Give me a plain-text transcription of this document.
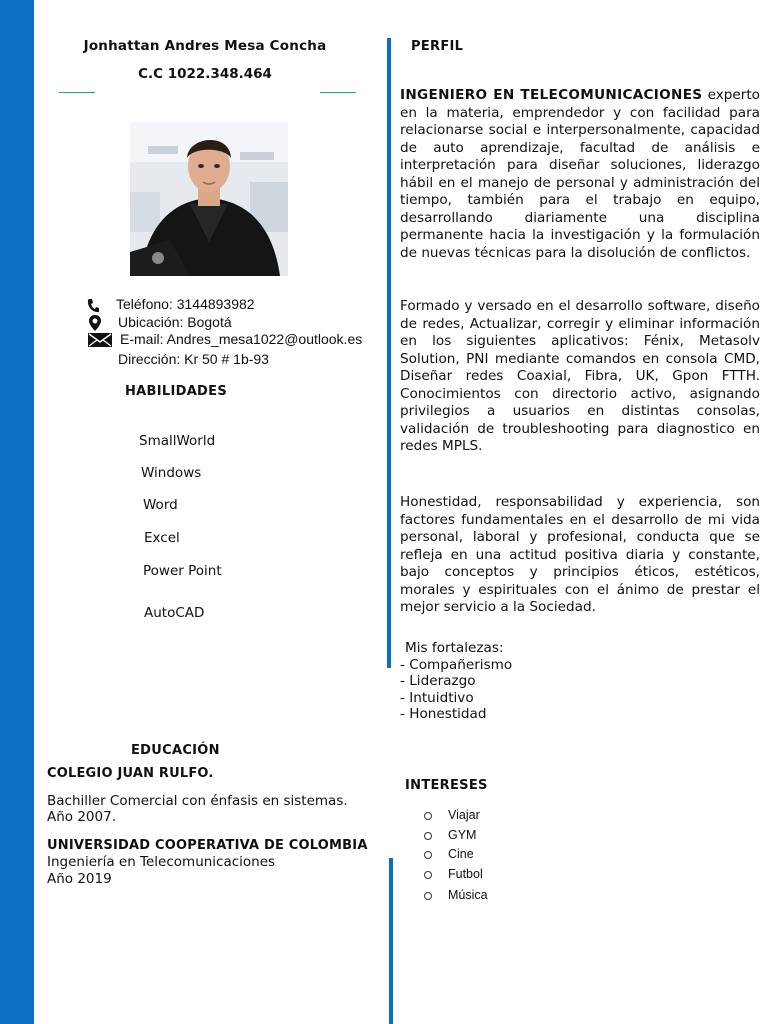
Jonhattan Andres Mesa Concha
C.C 1022.348.464
Teléfono: 3144893982
Ubicación: Bogotá
E-mail: Andres_mesa1022@outlook.es
Dirección: Kr 50 # 1b-93
HABILIDADES
SmallWorld
Windows
Word
Excel
Power Point
AutoCAD
EDUCACIÓN
COLEGIO JUAN RULFO.
Bachiller Comercial con énfasis en sistemas.
Año 2007.
UNIVERSIDAD COOPERATIVA DE COLOMBIA
Ingeniería en Telecomunicaciones
Año 2019
PERFIL
INGENIERO EN TELECOMUNICACIONES experto en la materia, emprendedor y con facilidad para relacionarse social e interpersonalmente, capacidad de auto aprendizaje, facultad de análisis e interpretación para diseñar soluciones, liderazgo hábil en el manejo de personal y administración del tiempo, también para el trabajo en equipo, desarrollando diariamente una disciplina permanente hacia la investigación y la formulación de nuevas técnicas para la disolución de conflictos.
Formado y versado en el desarrollo software, diseño de redes, Actualizar, corregir y eliminar información en los siguientes aplicativos: Fénix, Metasolv Solution, PNI mediante comandos en consola CMD, Diseñar redes Coaxial, Fibra, UK, Gpon FTTH. Conocimientos con directorio activo, asignando privilegios a usuarios en distintas consolas, validación de troubleshooting para diagnostico en redes MPLS.
Honestidad, responsabilidad y experiencia, son factores fundamentales en el desarrollo de mi vida personal, laboral y profesional, conducta que se refleja en una actitud positiva diaria y constante, bajo conceptos y principios éticos, estéticos, morales y espirituales con el ánimo de prestar el mejor servicio a la Sociedad.
Mis fortalezas:
- Compañerismo
- Liderazgo
- Intuidtivo
- Honestidad
INTERESES
Viajar
GYM
Cine
Futbol
Música
